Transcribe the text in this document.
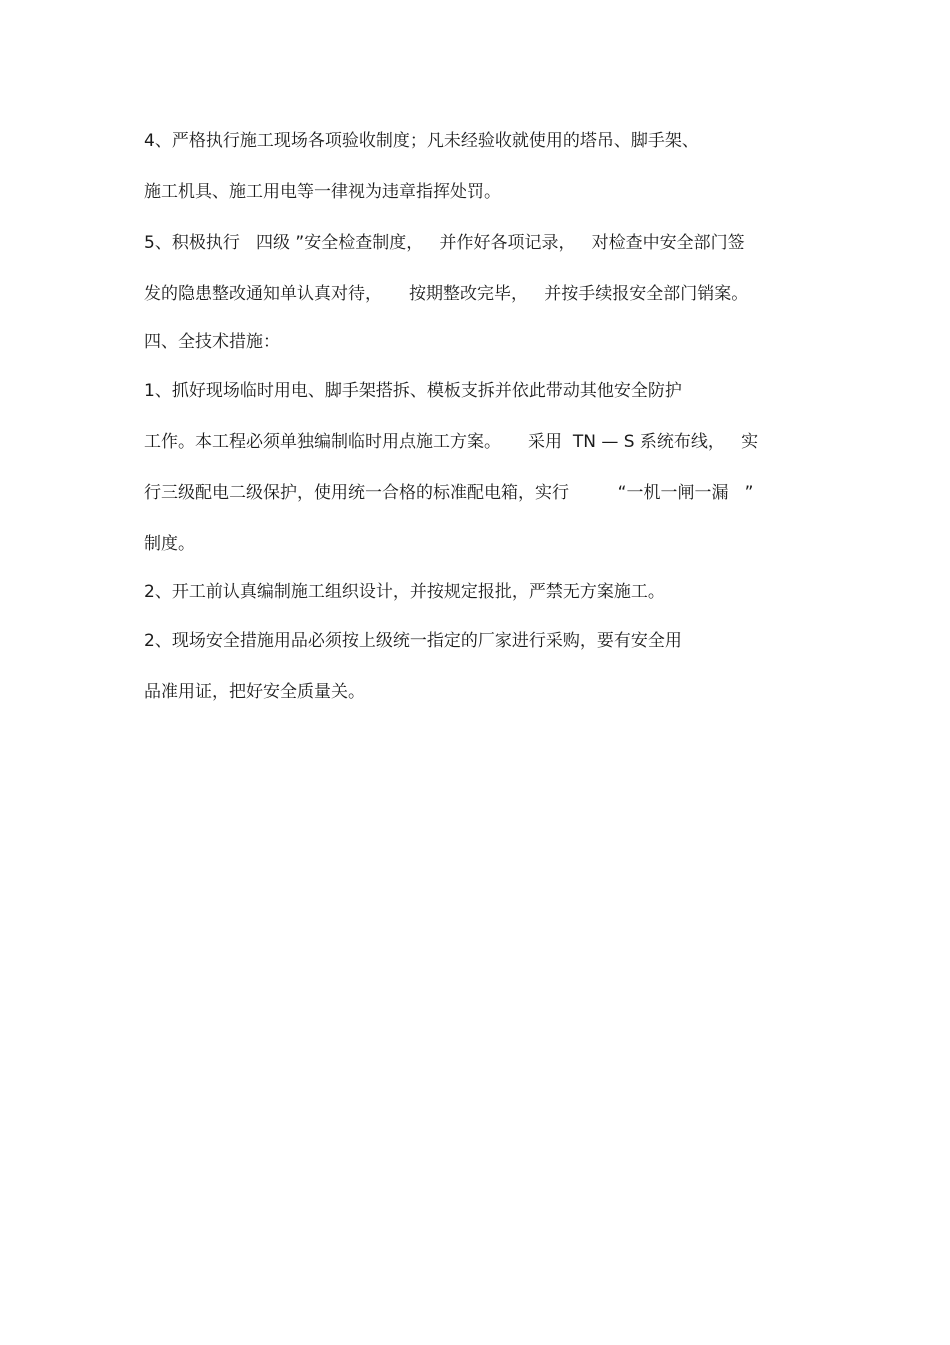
4、严格执行施工现场各项验收制度；凡未经验收就使用的塔吊、脚手架、
施工机具、施工用电等一律视为违章指挥处罚。
5、积极执行   四级 ”安全检查制度，   并作好各项记录，   对检查中安全部门签
发的隐患整改通知单认真对待，     按期整改完毕，   并按手续报安全部门销案。
四、全技术措施：
1、抓好现场临时用电、脚手架搭拆、模板支拆并依此带动其他安全防护
工作。本工程必须单独编制临时用点施工方案。     采用  TN — S 系统布线，   实
行三级配电二级保护，使用统一合格的标准配电箱，实行         “一机一闸一漏   ”
制度。
2、开工前认真编制施工组织设计，并按规定报批，严禁无方案施工。
2、现场安全措施用品必须按上级统一指定的厂家进行采购，要有安全用
品准用证，把好安全质量关。
